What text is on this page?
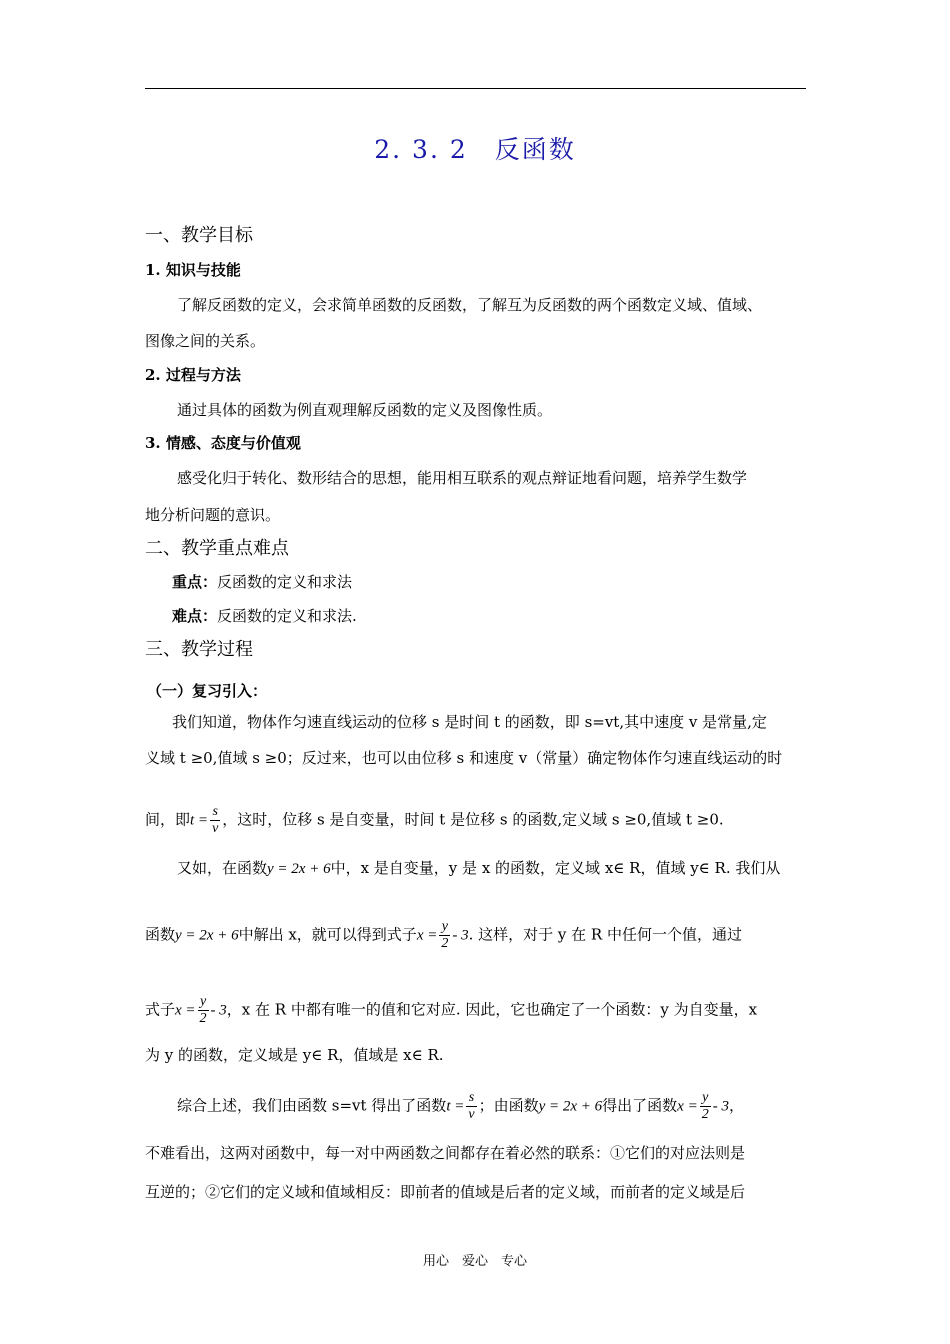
2. 3. 2　反函数
一、教学目标
1. 知识与技能
了解反函数的定义，会求简单函数的反函数，了解互为反函数的两个函数定义域、值域、
图像之间的关系。
2. 过程与方法
通过具体的函数为例直观理解反函数的定义及图像性质。
3. 情感、态度与价值观
感受化归于转化、数形结合的思想，能用相互联系的观点辩证地看问题，培养学生数学
地分析问题的意识。
二、教学重点难点
重点：反函数的定义和求法
难点：反函数的定义和求法.
三、教学过程
（一）复习引入：
我们知道，物体作匀速直线运动的位移 s 是时间 t 的函数，即 s=vt,其中速度 v 是常量,定
义域 t ≥0,值域 s ≥0；反过来，也可以由位移 s 和速度 v（常量）确定物体作匀速直线运动的时
间，即$t = \frac{s}{v}$ ，这时，位移 s 是自变量，时间 t 是位移 s 的函数,定义域 s ≥0,值域 t ≥0.
又如，在函数y = 2x + 6中，x 是自变量，y 是 x 的函数，定义域 x∈ R，值域 y∈ R. 我们从
函数y = 2x + 6中解出 x，就可以得到式子$x = \frac{y}{2} - 3$. 这样，对于 y 在 R 中任何一个值，通过
式子$x = \frac{y}{2} - 3$，x 在 R 中都有唯一的值和它对应. 因此，它也确定了一个函数：y 为自变量，x
为 y 的函数，定义域是 y∈ R，值域是 x∈ R.
综合上述，我们由函数 s=vt 得出了函数$t = \frac{s}{v}$ ；由函数y = 2x + 6得出了函数$x = \frac{y}{2} - 3$，
不难看出，这两对函数中，每一对中两函数之间都存在着必然的联系：①它们的对应法则是
互逆的；②它们的定义域和值域相反：即前者的值域是后者的定义域，而前者的定义域是后
用心　爱心　专心
